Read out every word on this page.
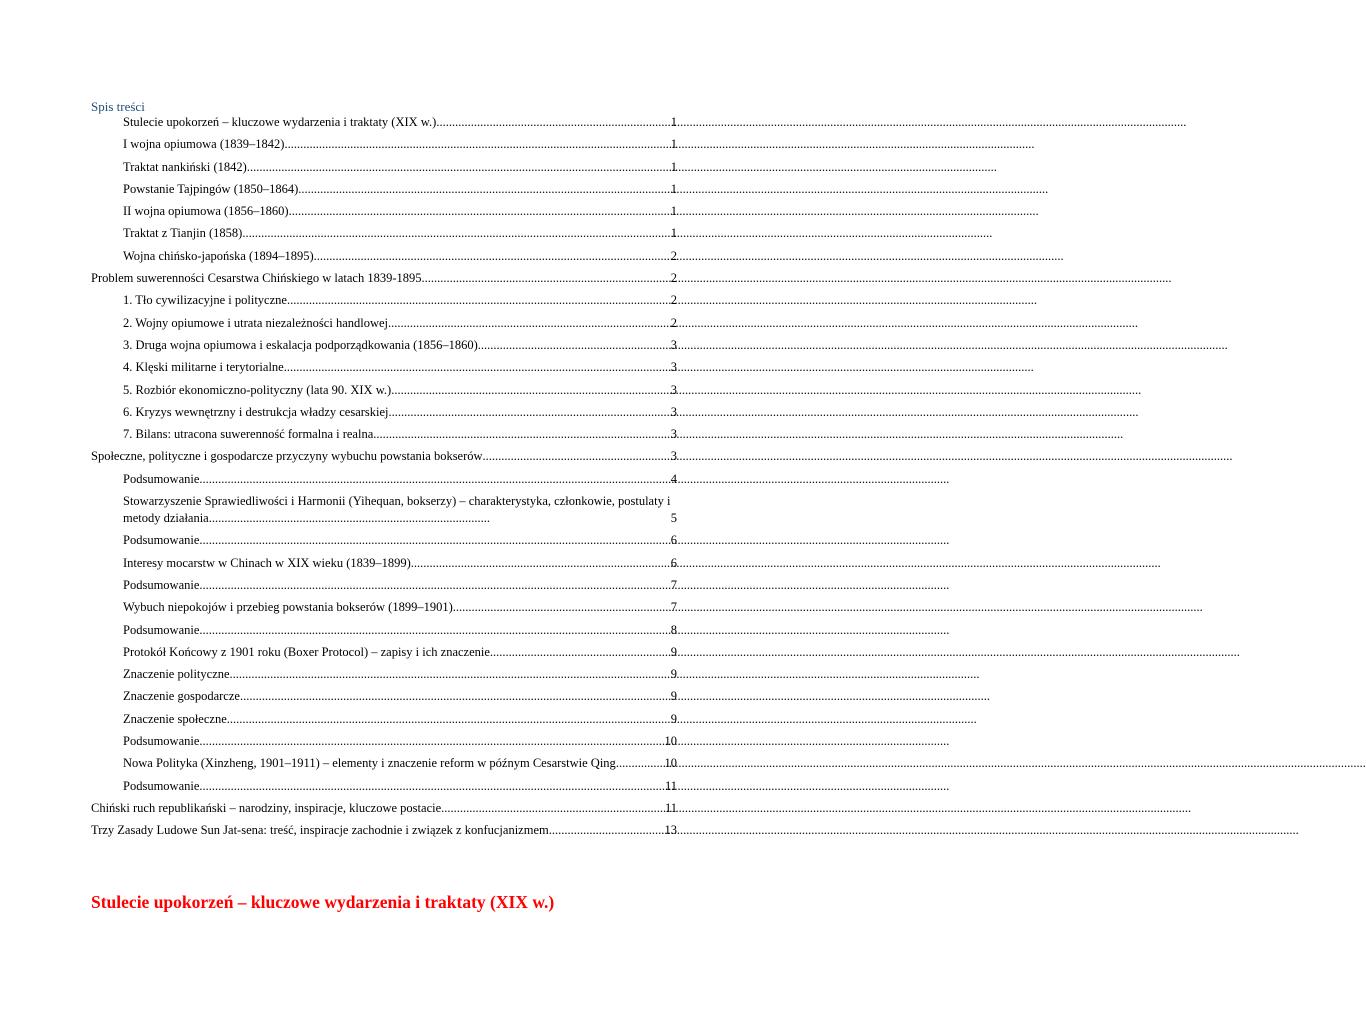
Spis treści
Stulecie upokorzeń – kluczowe wydarzenia i traktaty (XIX w.) .....	1
I wojna opiumowa (1839–1842) .....	1
Traktat nankiński (1842) .....	1
Powstanie Tajpingów (1850–1864) .....	1
II wojna opiumowa (1856–1860) .....	1
Traktat z Tianjin (1858) .....	1
Wojna chińsko-japońska (1894–1895) .....	2
Problem suwerenności Cesarstwa Chińskiego w latach 1839-1895 .....	2
1. Tło cywilizacyjne i polityczne .....	2
2. Wojny opiumowe i utrata niezależności handlowej .....	2
3. Druga wojna opiumowa i eskalacja podporządkowania (1856–1860) .....	3
4. Klęski militarne i terytorialne .....	3
5. Rozbiór ekonomiczno-polityczny (lata 90. XIX w.) .....	3
6. Kryzys wewnętrzny i destrukcja władzy cesarskiej .....	3
7. Bilans: utracona suwerenność formalna i realna .....	3
Społeczne, polityczne i gospodarcze przyczyny wybuchu powstania bokserów .....	3
Podsumowanie .....	4
Stowarzyszenie Sprawiedliwości i Harmonii (Yihequan, bokserzy) – charakterystyka, członkowie, postulaty i metody działania..........................................................................................	5
Podsumowanie .....	6
Interesy mocarstw w Chinach w XIX wieku (1839–1899) .....	6
Podsumowanie .....	7
Wybuch niepokojów i przebieg powstania bokserów (1899–1901) .....	7
Podsumowanie .....	8
Protokół Końcowy z 1901 roku (Boxer Protocol) – zapisy i ich znaczenie .....	9
Znaczenie polityczne .....	9
Znaczenie gospodarcze .....	9
Znaczenie społeczne .....	9
Podsumowanie .....	10
Nowa Polityka (Xinzheng, 1901–1911) – elementy i znaczenie reform w późnym Cesarstwie Qing .....	10
Podsumowanie .....	11
Chiński ruch republikański – narodziny, inspiracje, kluczowe postacie .....	11
Trzy Zasady Ludowe Sun Jat-sena: treść, inspiracje zachodnie i związek z konfucjanizmem .....	13
Stulecie upokorzeń – kluczowe wydarzenia i traktaty (XIX w.)
